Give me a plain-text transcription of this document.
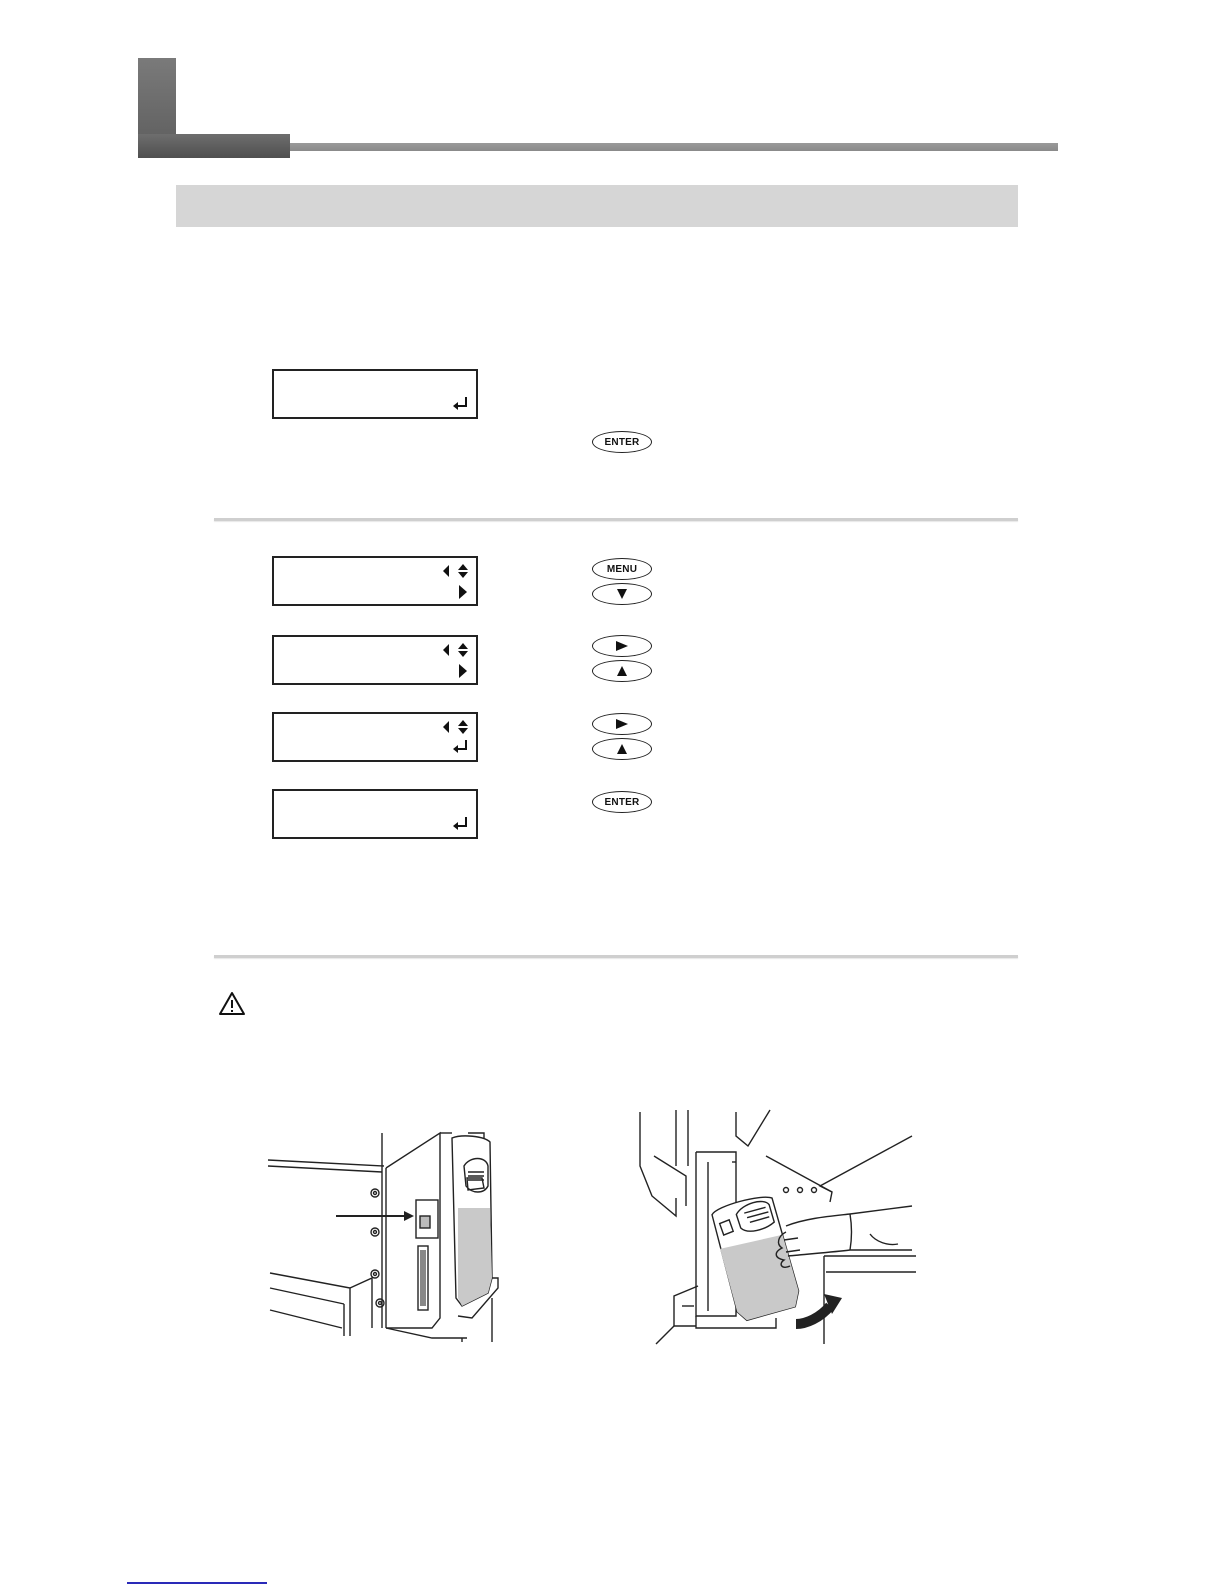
ENTER
MENU
ENTER
